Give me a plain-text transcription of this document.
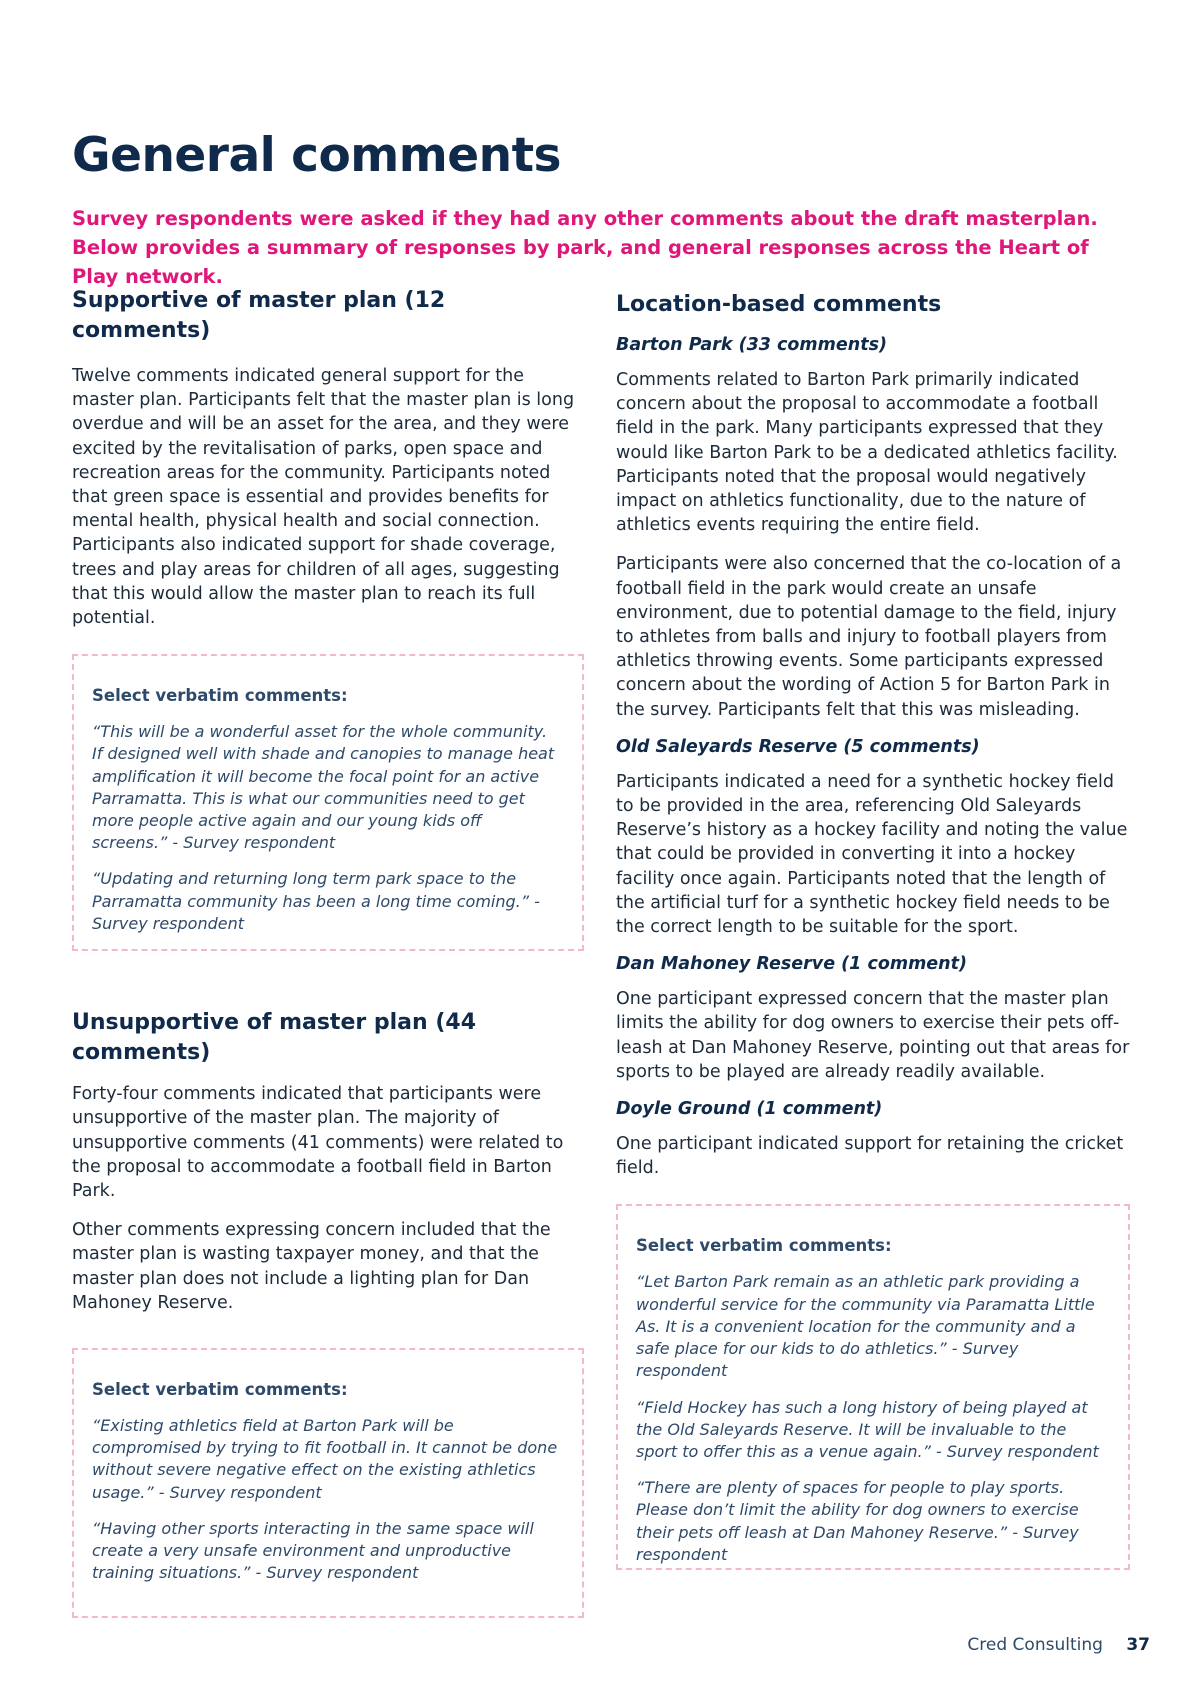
General comments

Survey respondents were asked if they had any other comments about the draft masterplan. Below provides a summary of responses by park, and general responses across the Heart of Play network.

Supportive of master plan (12 comments)

Twelve comments indicated general support for the master plan. Participants felt that the master plan is long overdue and will be an asset for the area, and they were excited by the revitalisation of parks, open space and recreation areas for the community. Participants noted that green space is essential and provides benefits for mental health, physical health and social connection. Participants also indicated support for shade coverage, trees and play areas for children of all ages, suggesting that this would allow the master plan to reach its full potential.

Select verbatim comments:

“This will be a wonderful asset for the whole community. If designed well with shade and canopies to manage heat amplification it will become the focal point for an active Parramatta. This is what our communities need to get more people active again and our young kids off screens.” - Survey respondent

“Updating and returning long term park space to the Parramatta community has been a long time coming.” - Survey respondent

Unsupportive of master plan (44 comments)

Forty-four comments indicated that participants were unsupportive of the master plan. The majority of unsupportive comments (41 comments) were related to the proposal to accommodate a football field in Barton Park.

Other comments expressing concern included that the master plan is wasting taxpayer money, and that the master plan does not include a lighting plan for Dan Mahoney Reserve.

Select verbatim comments:

“Existing athletics field at Barton Park will be compromised by trying to fit football in. It cannot be done without severe negative effect on the existing athletics usage.” - Survey respondent

“Having other sports interacting in the same space will create a very unsafe environment and unproductive training situations.” - Survey respondent

Location-based comments
Barton Park (33 comments)

Comments related to Barton Park primarily indicated concern about the proposal to accommodate a football field in the park. Many participants expressed that they would like Barton Park to be a dedicated athletics facility. Participants noted that the proposal would negatively impact on athletics functionality, due to the nature of athletics events requiring the entire field.

Participants were also concerned that the co-location of a football field in the park would create an unsafe environment, due to potential damage to the field, injury to athletes from balls and injury to football players from athletics throwing events. Some participants expressed concern about the wording of Action 5 for Barton Park in the survey. Participants felt that this was misleading.

Old Saleyards Reserve (5 comments)

Participants indicated a need for a synthetic hockey field to be provided in the area, referencing Old Saleyards Reserve’s history as a hockey facility and noting the value that could be provided in converting it into a hockey facility once again. Participants noted that the length of the artificial turf for a synthetic hockey field needs to be the correct length to be suitable for the sport.

Dan Mahoney Reserve (1 comment)

One participant expressed concern that the master plan limits the ability for dog owners to exercise their pets off-leash at Dan Mahoney Reserve, pointing out that areas for sports to be played are already readily available.

Doyle Ground (1 comment)

One participant indicated support for retaining the cricket field.

Select verbatim comments:

“Let Barton Park remain as an athletic park providing a wonderful service for the community via Paramatta Little As. It is a convenient location for the community and a safe place for our kids to do athletics.” - Survey respondent

“Field Hockey has such a long history of being played at the Old Saleyards Reserve. It will be invaluable to the sport to offer this as a venue again.” - Survey respondent

“There are plenty of spaces for people to play sports. Please don’t limit the ability for dog owners to exercise their pets off leash at Dan Mahoney Reserve.” - Survey respondent

Cred Consulting 37
